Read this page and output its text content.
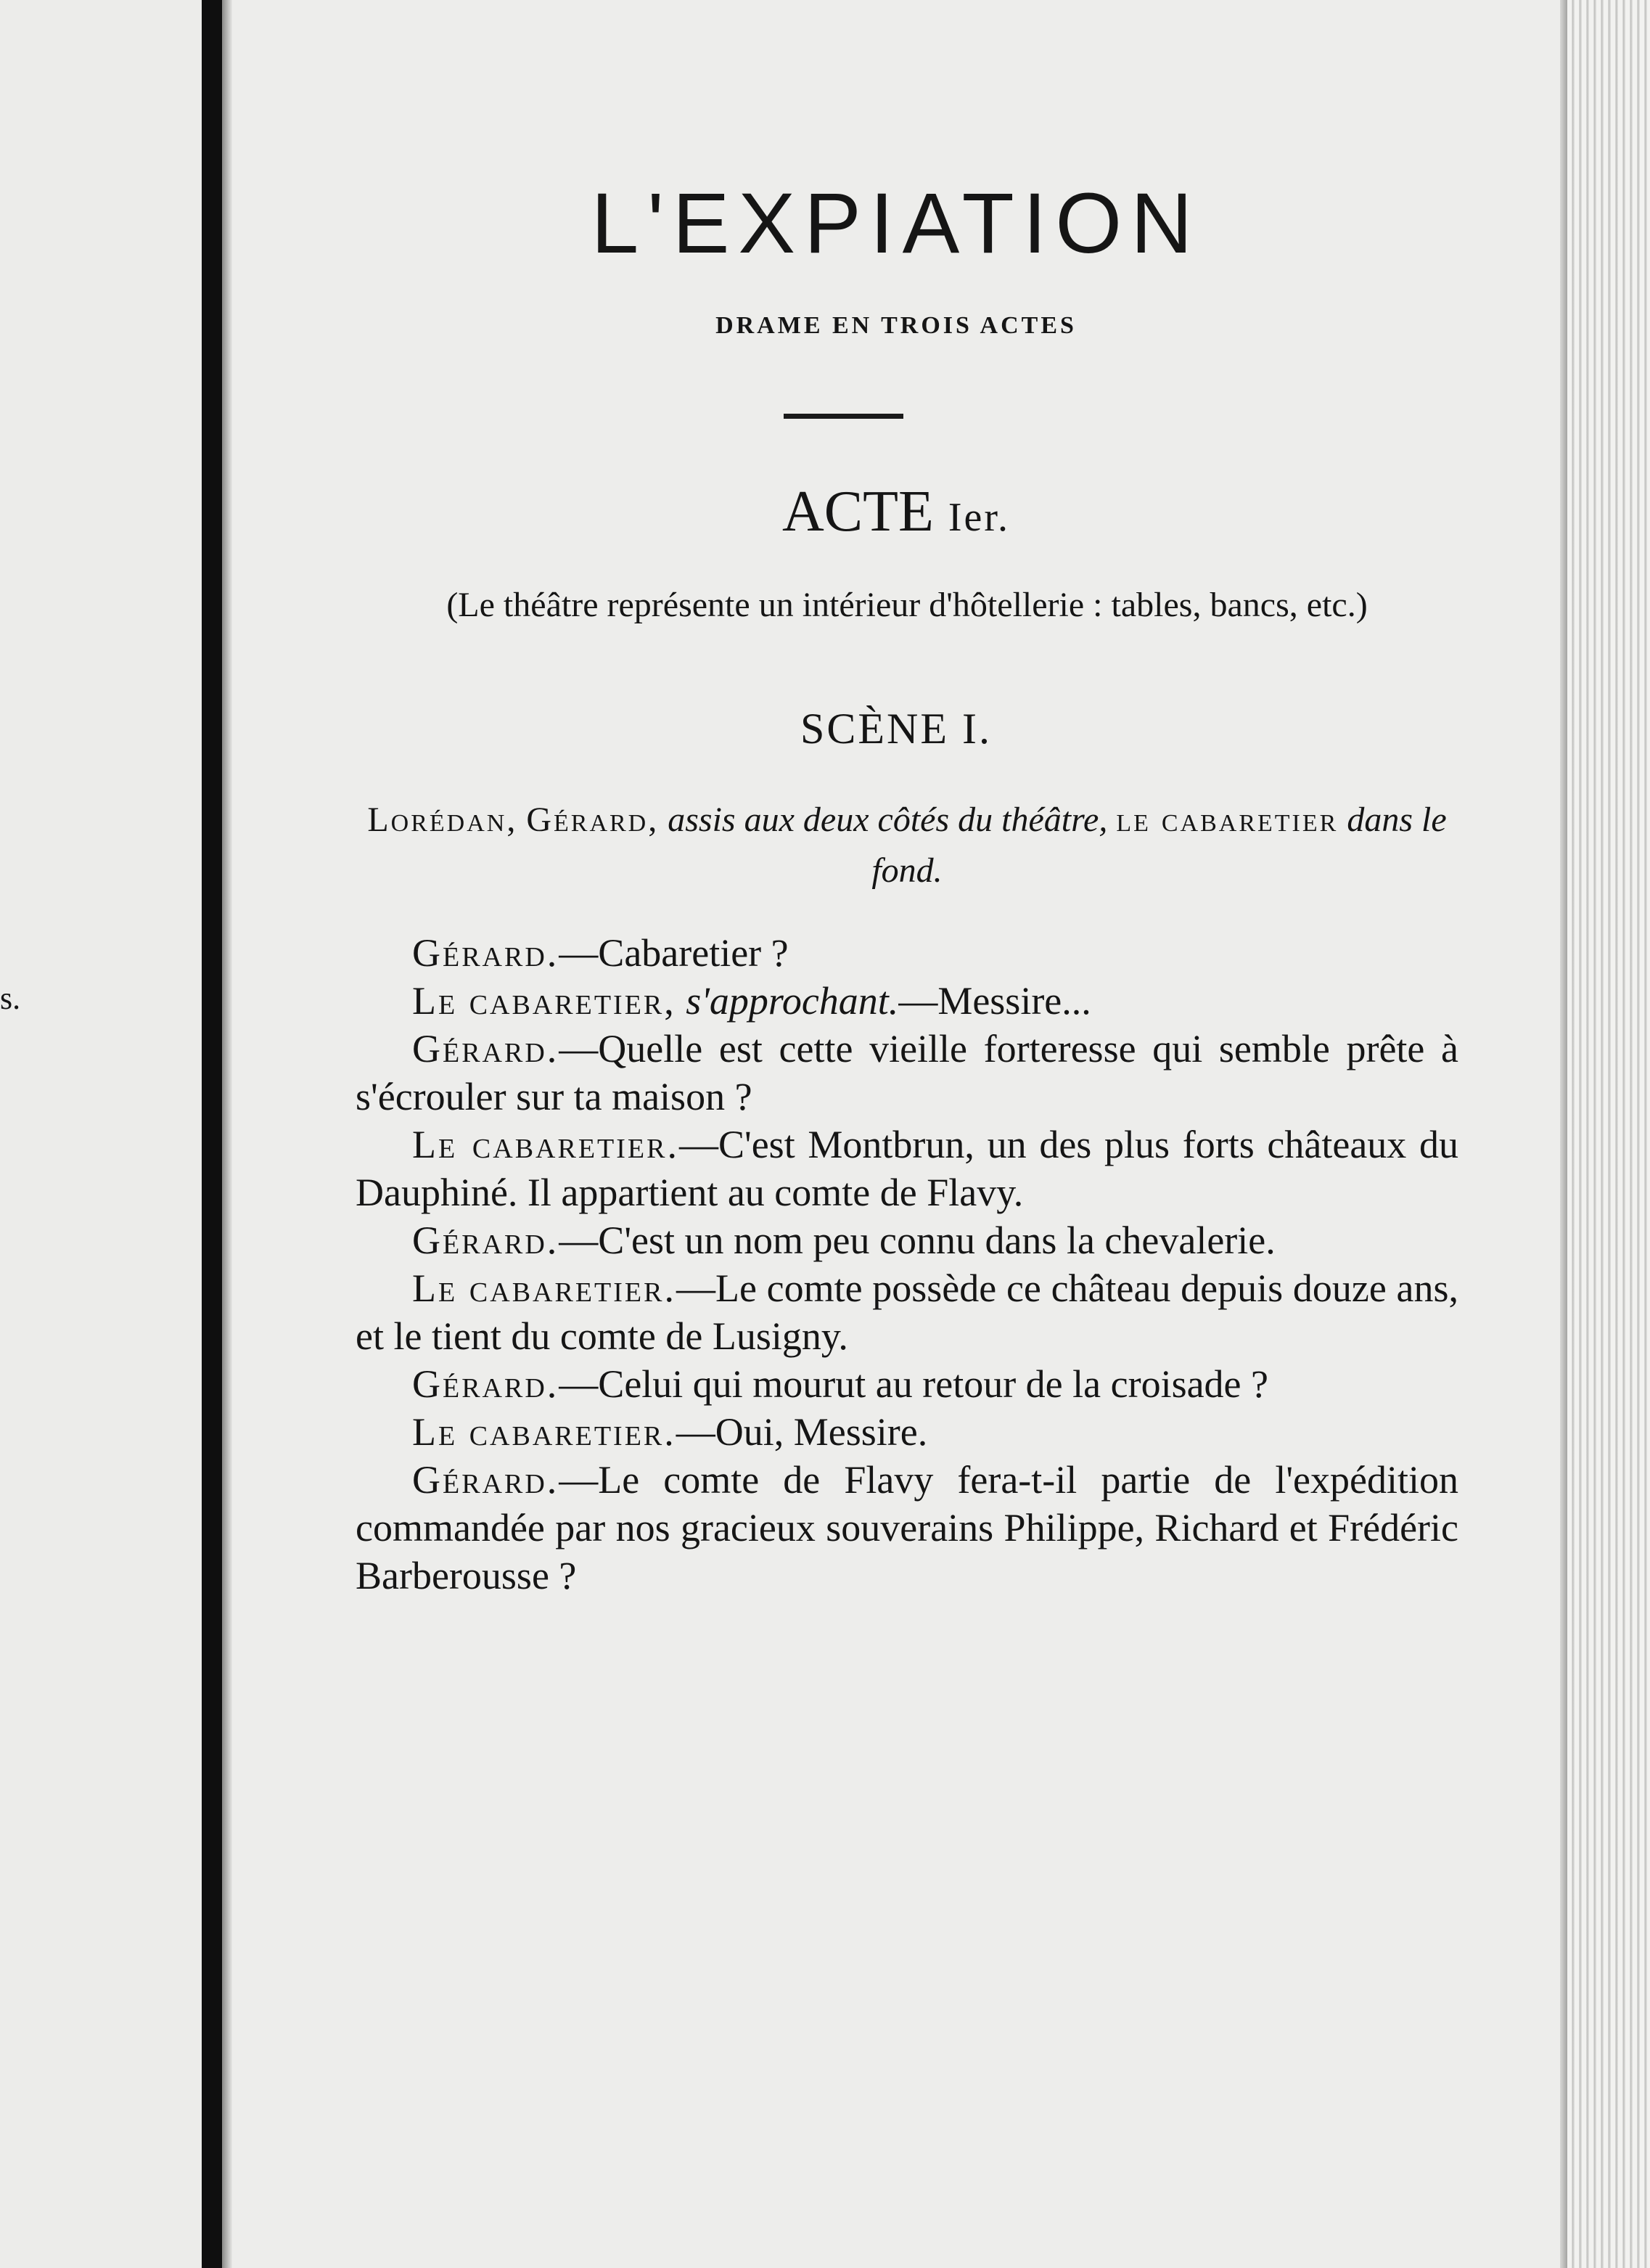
s.
L'EXPIATION
DRAME EN TROIS ACTES
ACTE Ier.
(Le théâtre représente un intérieur d'hôtellerie : tables, bancs, etc.)
SCÈNE I.
Lorédan, Gérard, assis aux deux côtés du théâtre, le cabaretier dans le fond.

Gérard.—Cabaretier ?

Le cabaretier, s'approchant.—Messire...

Gérard.—Quelle est cette vieille forteresse qui semble prête à s'écrouler sur ta maison ?

Le cabaretier.—C'est Montbrun, un des plus forts châteaux du Dauphiné. Il appartient au comte de Flavy.

Gérard.—C'est un nom peu connu dans la chevalerie.

Le cabaretier.—Le comte possède ce château depuis douze ans, et le tient du comte de Lusigny.

Gérard.—Celui qui mourut au retour de la croisade ?

Le cabaretier.—Oui, Messire.

Gérard.—Le comte de Flavy fera-t-il partie de l'expédition commandée par nos gracieux souverains Philippe, Richard et Frédéric Barberousse ?
